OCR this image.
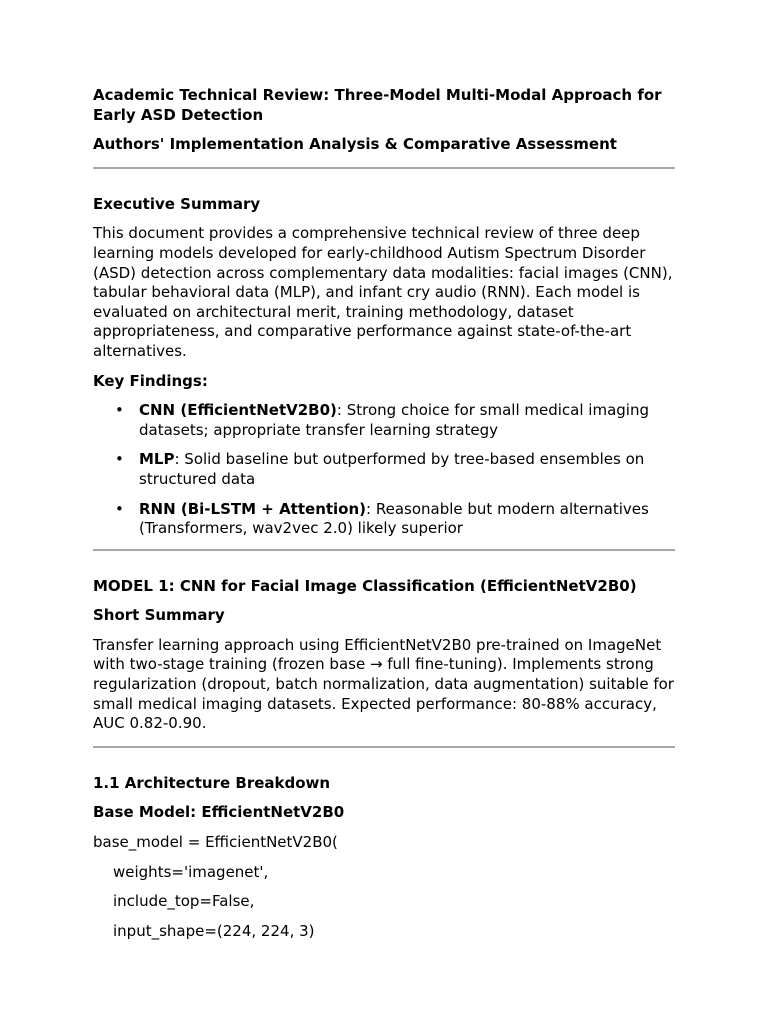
Academic Technical Review: Three-Model Multi-Modal Approach for Early ASD Detection

Authors' Implementation Analysis & Comparative Assessment

Executive Summary

This document provides a comprehensive technical review of three deep learning models developed for early-childhood Autism Spectrum Disorder (ASD) detection across complementary data modalities: facial images (CNN), tabular behavioral data (MLP), and infant cry audio (RNN). Each model is evaluated on architectural merit, training methodology, dataset appropriateness, and comparative performance against state-of-the-art alternatives.

Key Findings:

• CNN (EfficientNetV2B0): Strong choice for small medical imaging datasets; appropriate transfer learning strategy
• MLP: Solid baseline but outperformed by tree-based ensembles on structured data
• RNN (Bi-LSTM + Attention): Reasonable but modern alternatives (Transformers, wav2vec 2.0) likely superior

MODEL 1: CNN for Facial Image Classification (EfficientNetV2B0)

Short Summary

Transfer learning approach using EfficientNetV2B0 pre-trained on ImageNet with two-stage training (frozen base → full fine-tuning). Implements strong regularization (dropout, batch normalization, data augmentation) suitable for small medical imaging datasets. Expected performance: 80-88% accuracy, AUC 0.82-0.90.

1.1 Architecture Breakdown

Base Model: EfficientNetV2B0

base_model = EfficientNetV2B0(

weights='imagenet',

include_top=False,

input_shape=(224, 224, 3)
